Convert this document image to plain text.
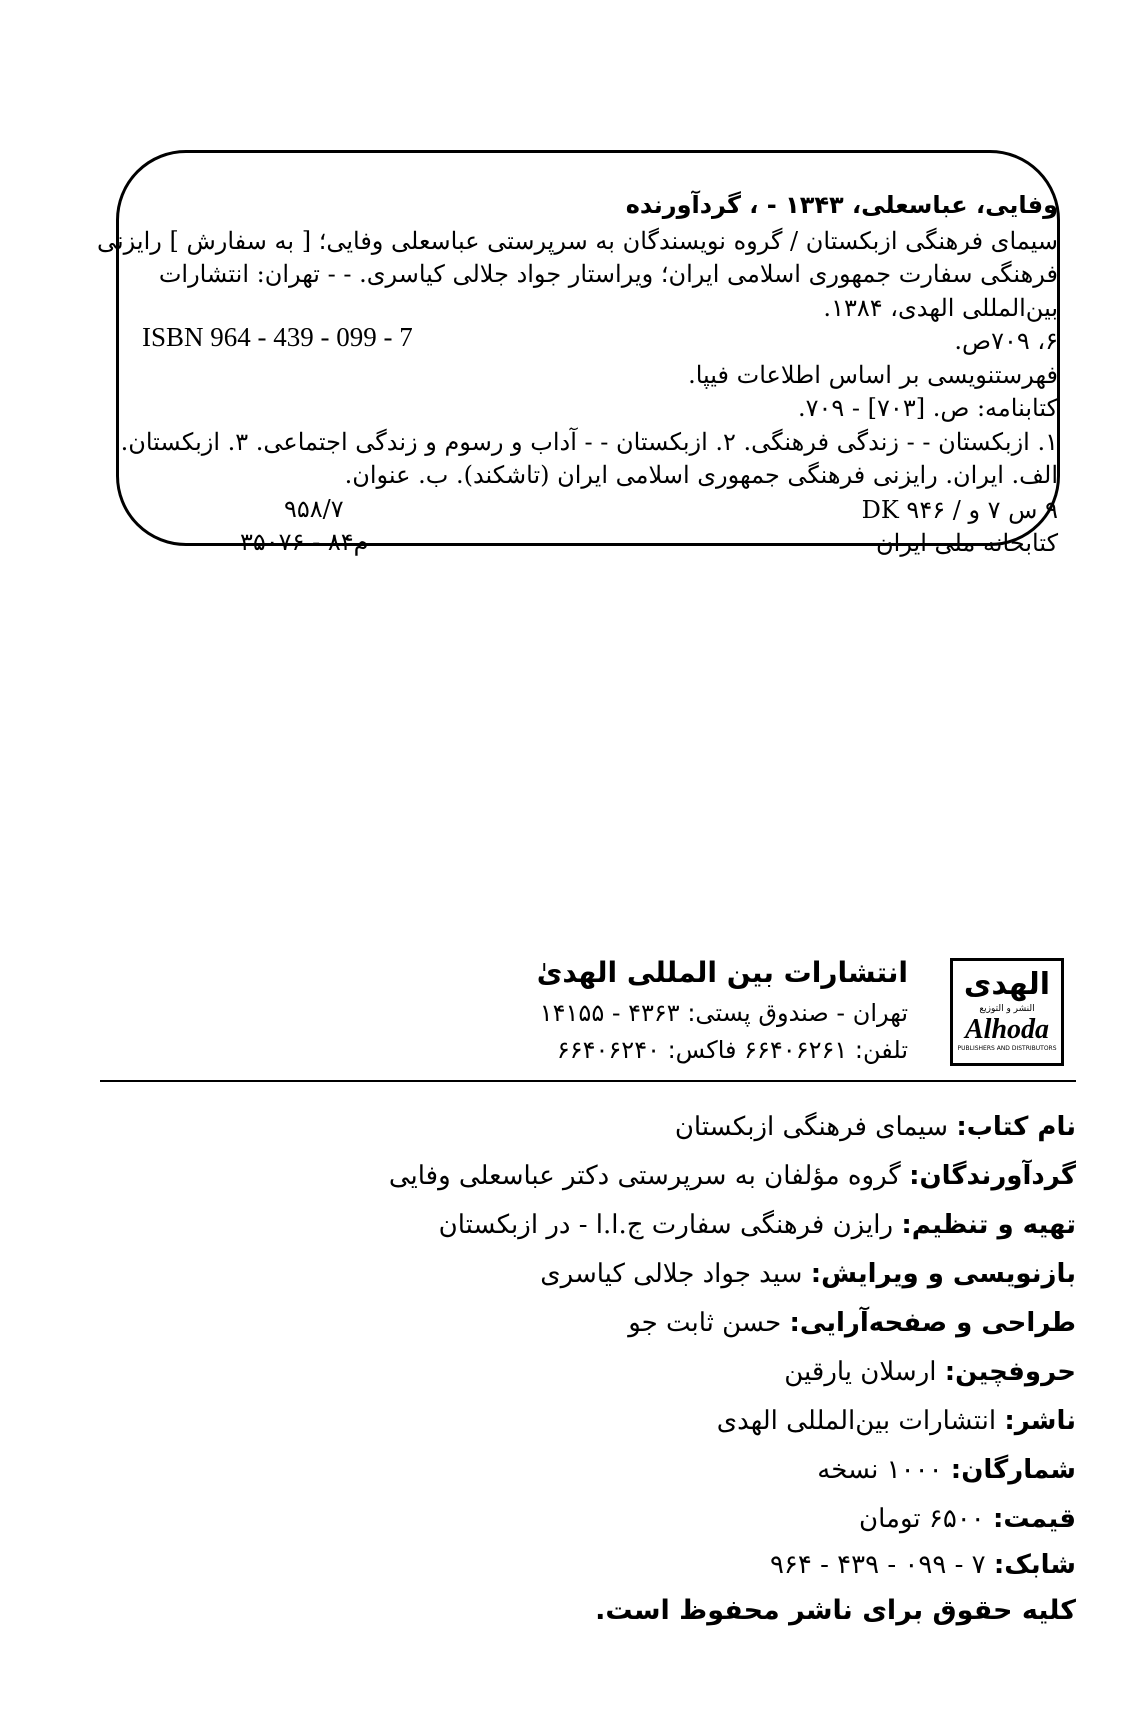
وفایی، عباسعلی، ۱۳۴۳ - ، گردآورنده
سیمای فرهنگی ازبکستان / گروه نویسندگان به سرپرستی عباسعلی وفایی؛ [ به سفارش ] رایزنی
فرهنگی سفارت جمهوری اسلامی ایران؛ ویراستار جواد جلالی کیاسری. - - تهران: انتشارات
بین‌المللی الهدی، ۱۳۸۴.
۶، ۷۰۹ص.
ISBN 964 - 439 - 099 - 7
فهرستنویسی بر اساس اطلاعات فیپا.
کتابنامه: ص. [۷۰۳] - ۷۰۹.
۱. ازبکستان - - زندگی فرهنگی. ۲. ازبکستان - - آداب و رسوم و زندگی اجتماعی. ۳. ازبکستان.
الف. ایران. رایزنی فرهنگی جمهوری اسلامی ایران (تاشکند). ب. عنوان.
۹ س ۷ و / ۹۴۶ DK
۹۵۸/۷
کتابخانه ملی ایران
م۸۴ - ۳۵۰۷۶
الهدی
النشر و التوزیع
Alhoda
PUBLISHERS AND DISTRIBUTORS
انتشارات بین المللی الهدیٰ
تهران - صندوق پستی: ۴۳۶۳ - ۱۴۱۵۵
تلفن: ۶۶۴۰۶۲۶۱ فاکس: ۶۶۴۰۶۲۴۰
نام کتاب: سیمای فرهنگی ازبکستان
گردآورندگان: گروه مؤلفان به سرپرستی دکتر عباسعلی وفایی
تهیه و تنظیم: رایزن فرهنگی سفارت ج.ا.ا - در ازبکستان
بازنویسی و ویرایش: سید جواد جلالی کیاسری
طراحی و صفحه‌آرایی: حسن ثابت جو
حروفچین: ارسلان یارقین
ناشر: انتشارات بین‌المللی الهدی
شمارگان: ۱۰۰۰ نسخه
قیمت: ۶۵۰۰ تومان
شابک: ۷ - ۰۹۹ - ۴۳۹ - ۹۶۴
کلیه حقوق برای ناشر محفوظ است.
